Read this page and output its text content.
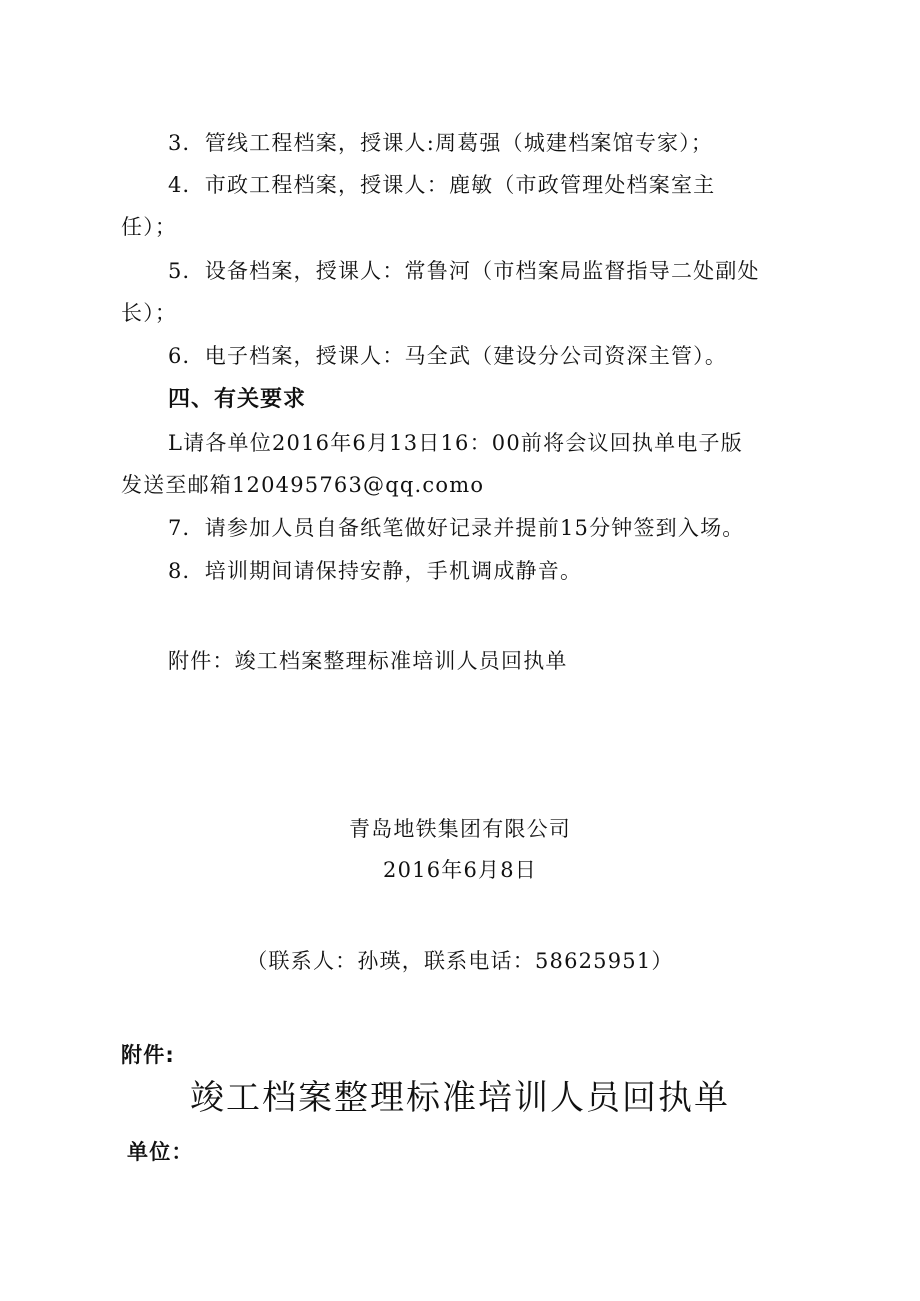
3．管线工程档案，授课人:周葛强（城建档案馆专家）；
4．市政工程档案，授课人：鹿敏（市政管理处档案室主
任）；
5．设备档案，授课人：常鲁河（市档案局监督指导二处副处
长）；
6．电子档案，授课人：马全武（建设分公司资深主管）。
四、有关要求
L请各单位2016年6月13日16：00前将会议回执单电子版
发送至邮箱120495763@qq.como
7．请参加人员自备纸笔做好记录并提前15分钟签到入场。
8．培训期间请保持安静，手机调成静音。
附件：竣工档案整理标准培训人员回执单
青岛地铁集团有限公司
2016年6月8日
（联系人：孙瑛，联系电话：58625951）
附件:
竣工档案整理标准培训人员回执单
单位：
